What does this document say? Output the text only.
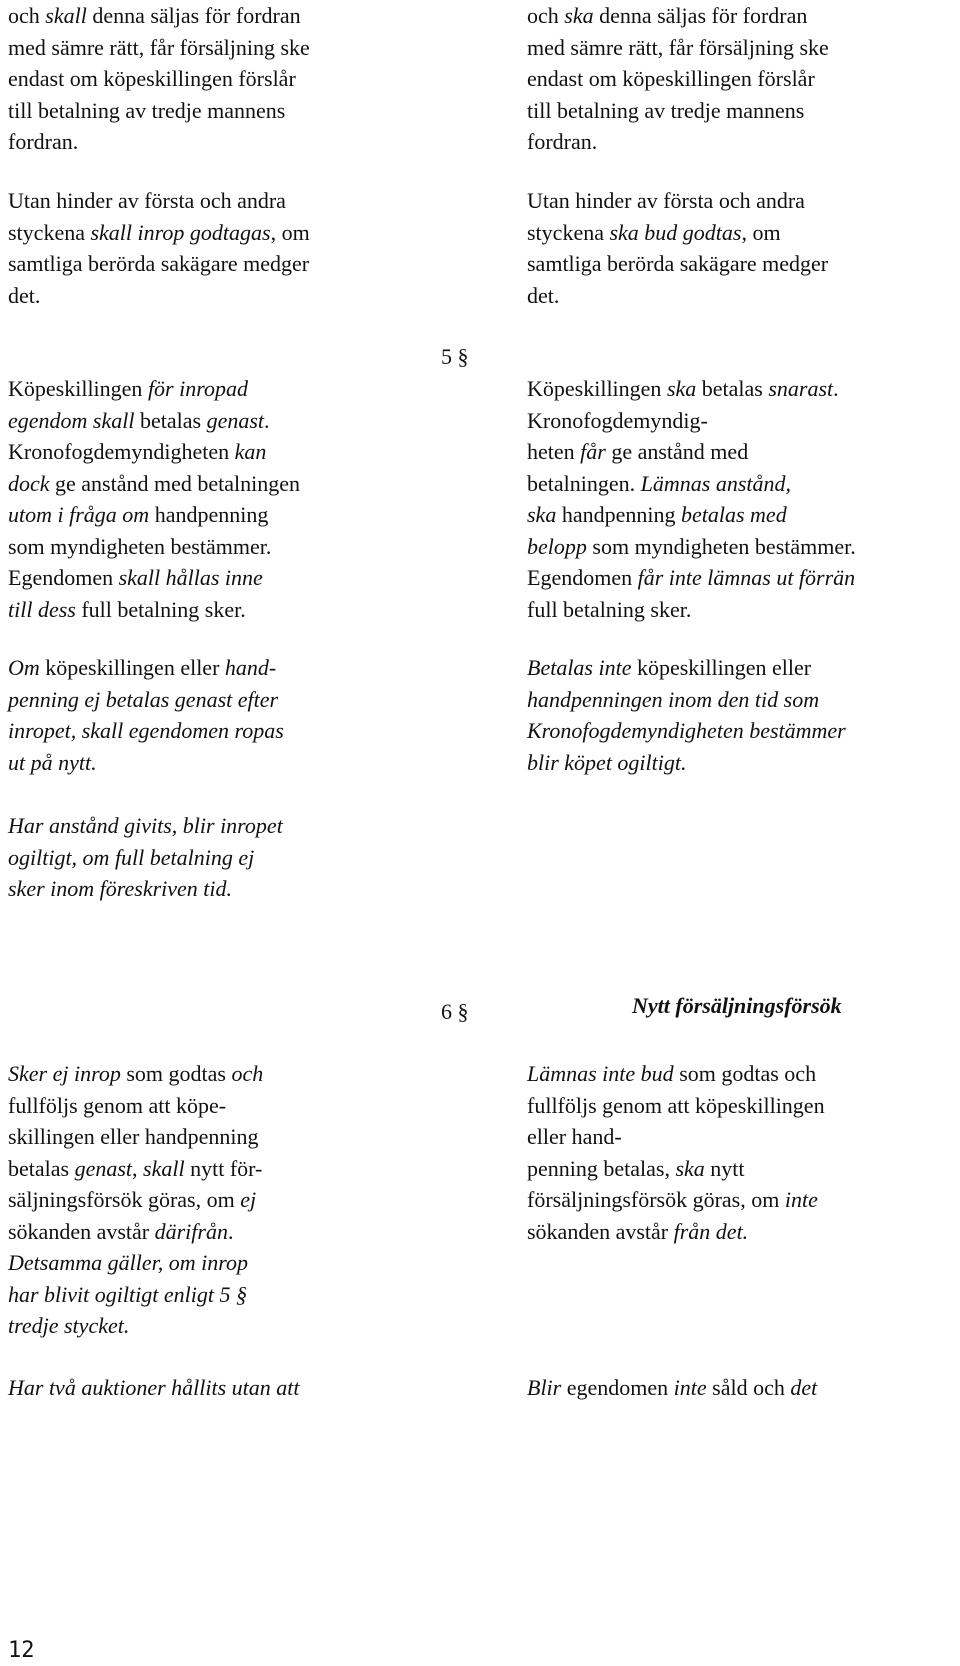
och skall denna säljas för fordran
med sämre rätt, får försäljning ske
endast om köpeskillingen förslår
till betalning av tredje mannens
fordran.
Utan hinder av första och andra
styckena skall inrop godtagas, om
samtliga berörda sakägare medger
det.
Köpeskillingen för inropad
egendom skall betalas genast.
Kronofogdemyndigheten kan
dock ge anstånd med betalningen
utom i fråga om handpenning
som myndigheten bestämmer.
Egendomen skall hållas inne
till dess full betalning sker.
Om köpeskillingen eller hand-
penning ej betalas genast efter
inropet, skall egendomen ropas
ut på nytt.
Har anstånd givits, blir inropet
ogiltigt, om full betalning ej
sker inom föreskriven tid.
Sker ej inrop som godtas och
fullföljs genom att köpe-
skillingen eller handpenning
betalas genast, skall nytt för-
säljningsförsök göras, om ej
sökanden avstår därifrån.
Detsamma gäller, om inrop
har blivit ogiltigt enligt 5 §
tredje stycket.
Har två auktioner hållits utan att
och ska denna säljas för fordran
med sämre rätt, får försäljning ske
endast om köpeskillingen förslår
till betalning av tredje mannens
fordran.
Utan hinder av första och andra
styckena ska bud godtas, om
samtliga berörda sakägare medger
det.
Köpeskillingen ska betalas snarast.
Kronofogdemyndig-
heten får ge anstånd med
betalningen. Lämnas anstånd,
ska handpenning betalas med
belopp som myndigheten bestämmer.
Egendomen får inte lämnas ut förrän
full betalning sker.
Betalas inte köpeskillingen eller
handpenningen inom den tid som
Kronofogdemyndigheten bestämmer
blir köpet ogiltigt.
Lämnas inte bud som godtas och
fullföljs genom att köpeskillingen
eller hand-
penning betalas, ska nytt
försäljningsförsök göras, om inte
sökanden avstår från det.
Blir egendomen inte såld och det
5 §
Nytt försäljningsförsök
6 §
12
